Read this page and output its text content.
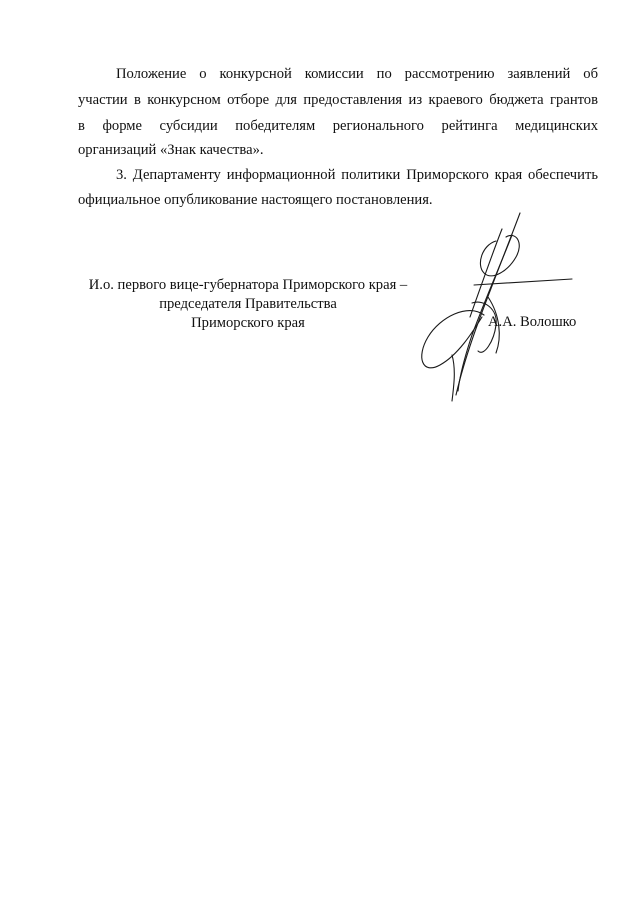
Положение о конкурсной комиссии по рассмотрению заявлений об
участии в конкурсном отборе для предоставления из краевого бюджета грантов
в форме субсидии победителям регионального рейтинга медицинских
организаций «Знак качества».
3. Департаменту информационной политики Приморского края обеспечить
официальное опубликование настоящего постановления.
И.о. первого вице-губернатора Приморского края –
председателя Правительства
Приморского края	А.А. Волошко
